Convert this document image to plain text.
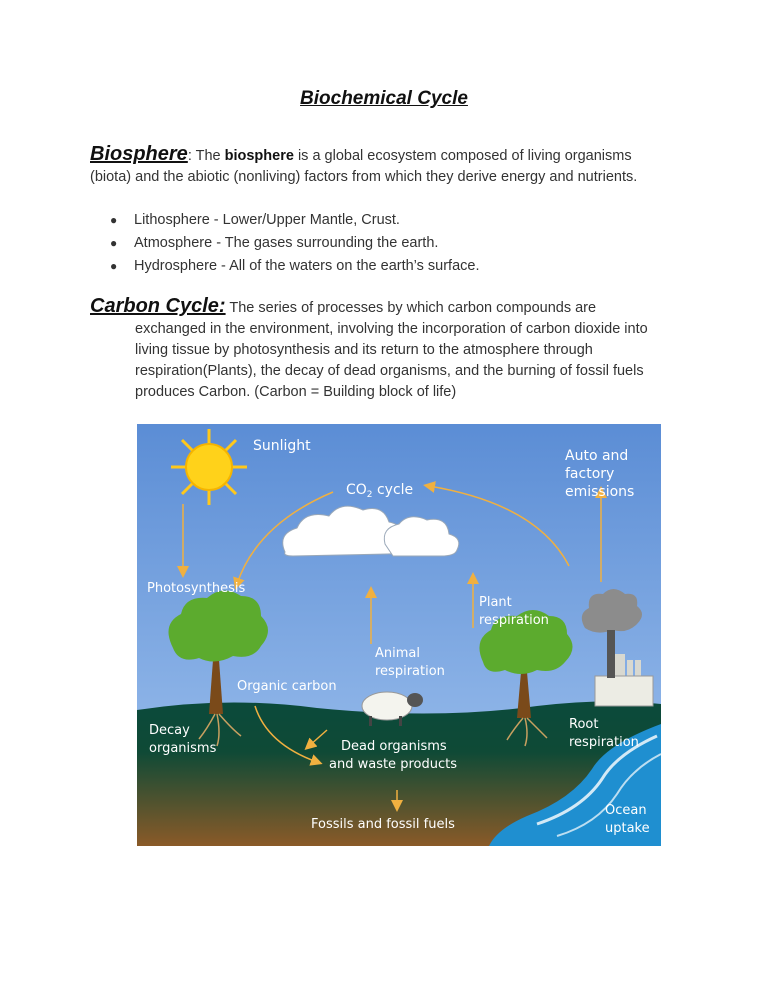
Biochemical Cycle
Biosphere: The biosphere is a global ecosystem composed of living organisms
(biota) and the abiotic (nonliving) factors from which they derive energy and nutrients.
● Lithosphere - Lower/Upper Mantle, Crust.
● Atmosphere - The gases surrounding the earth.
● Hydrosphere - All of the waters on the earth’s surface.
Carbon Cycle: The series of processes by which carbon compounds are
exchanged in the environment, involving the incorporation of carbon dioxide into
living tissue by photosynthesis and its return to the atmosphere through
respiration(Plants), the decay of dead organisms, and the burning of fossil fuels
produces Carbon. (Carbon = Building block of life)
Sunlight
$CO_2$ cycle
Auto and
factory
emissions
Photosynthesis
Plant
respiration
Animal
respiration
Organic carbon
Decay
organisms	Dead organisms
and waste products
Root
respiration
Fossils and fossil fuels
Ocean
uptake
